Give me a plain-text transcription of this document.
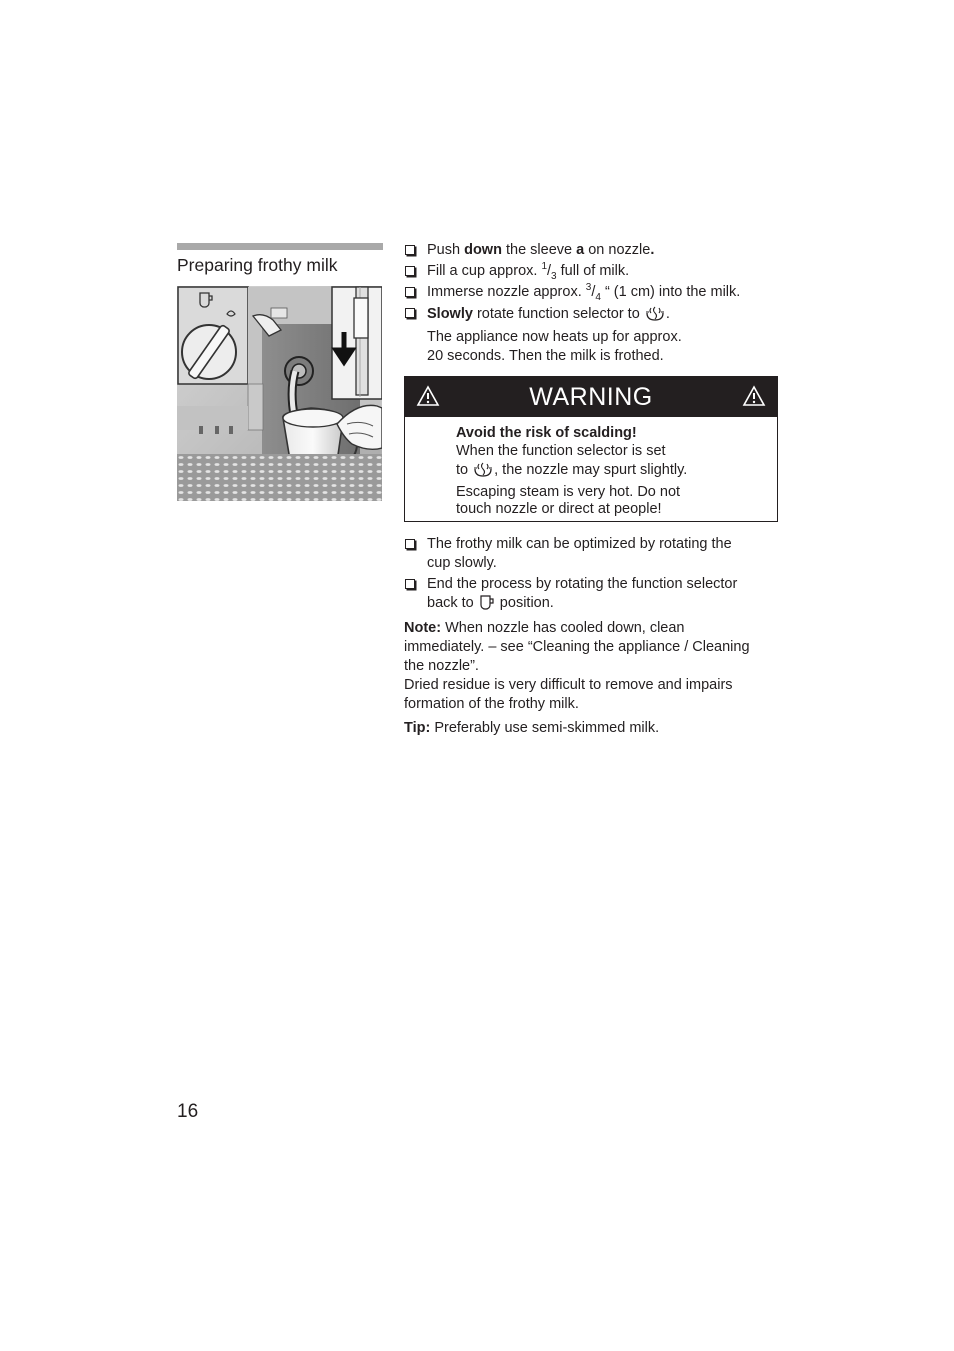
Preparing frothy milk
Push down the sleeve a on nozzle.
Fill a cup approx. $^1/_3$ full of milk.
Immerse nozzle approx. $^3/_4$ “ (1 cm) into the milk.
Slowly rotate function selector to .
The appliance now heats up for approx.
20 seconds. Then the milk is frothed.
WARNING
Avoid the risk of scalding!
When the function selector is set
to , the nozzle may spurt slightly.
Escaping steam is very hot. Do not
touch nozzle or direct at people!
The frothy milk can be optimized by rotating the
cup slowly.
End the process by rotating the function selector
back to  position.
Note: When nozzle has cooled down, clean
immediately. – see “Cleaning the appliance / Cleaning
the nozzle”.
Dried residue is very difficult to remove and impairs
formation of the frothy milk.
Tip: Preferably use semi-skimmed milk.
16
